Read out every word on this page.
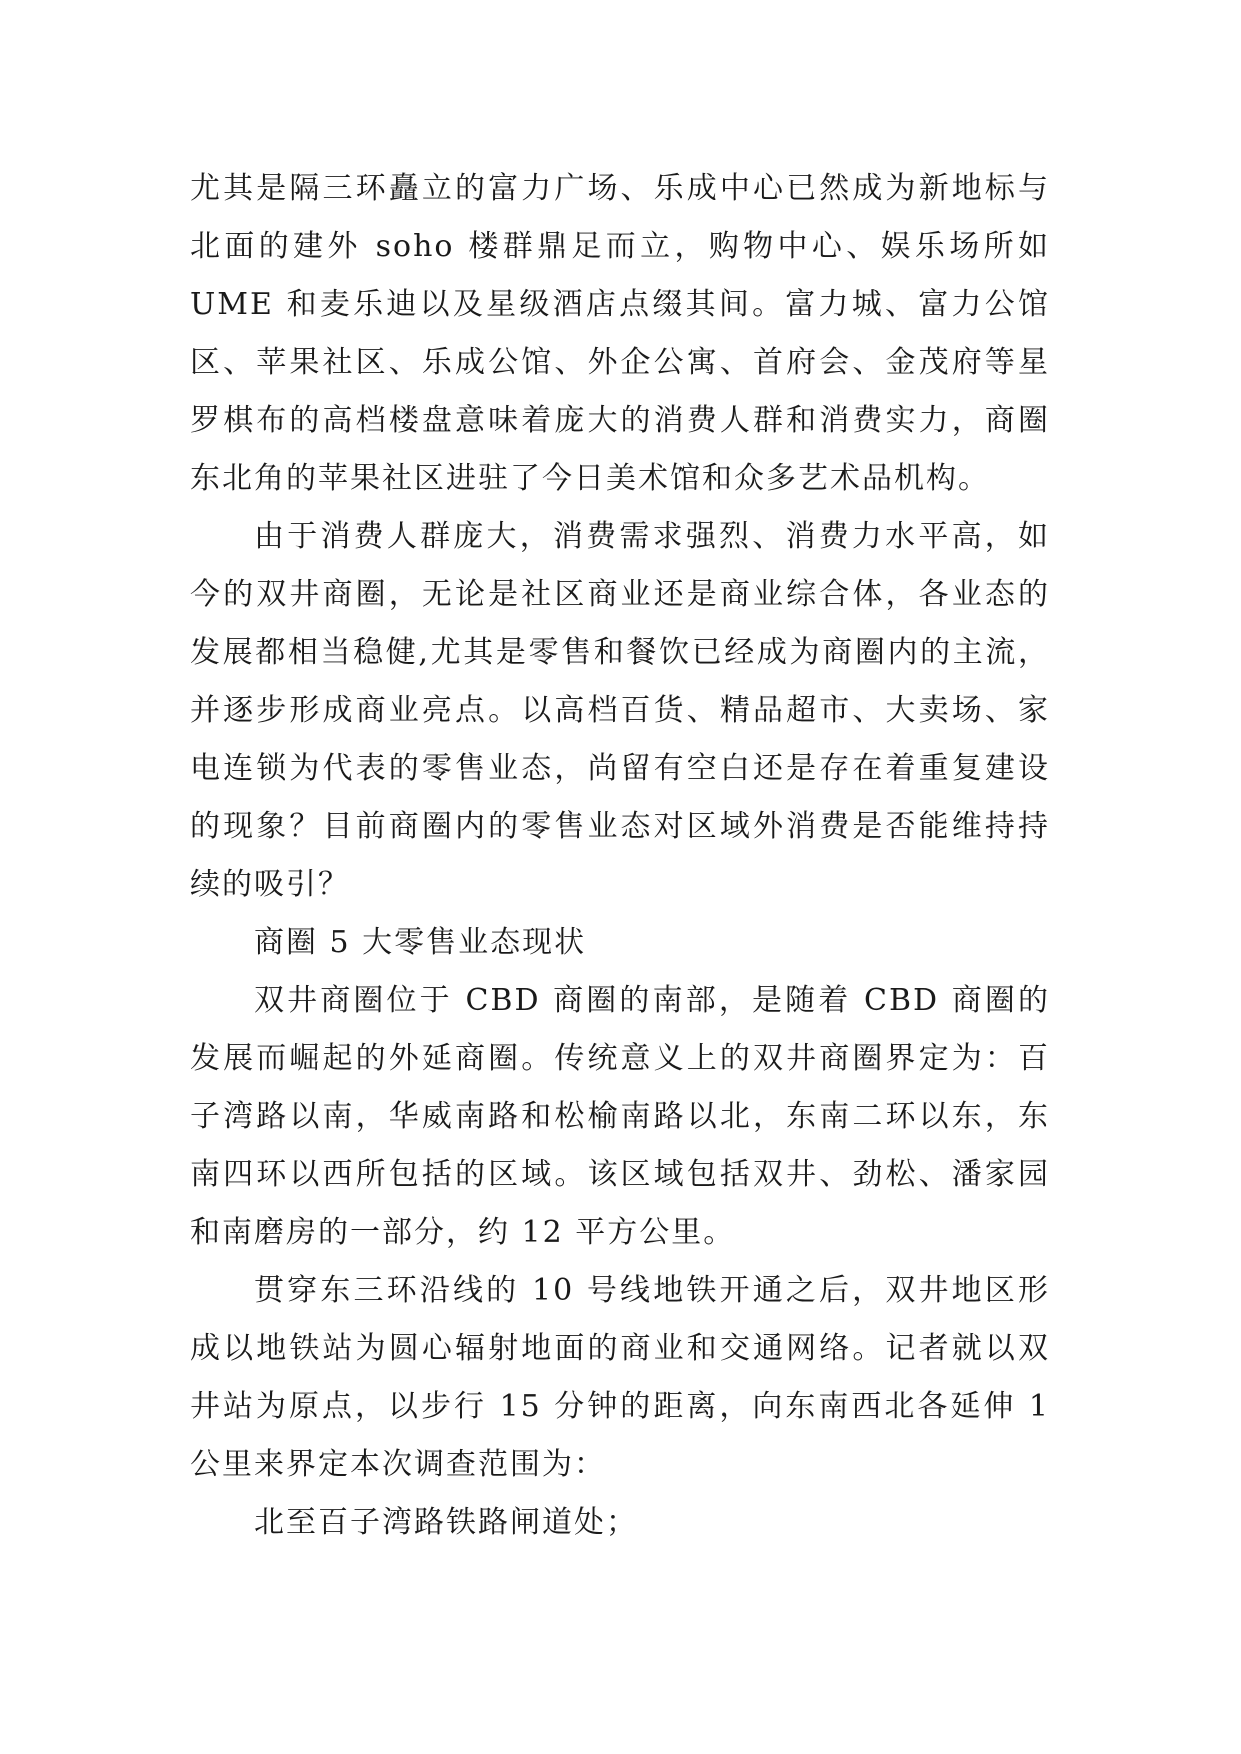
尤其是隔三环矗立的富力广场、乐成中心已然成为新地标与北面的建外 soho 楼群鼎足而立，购物中心、娱乐场所如 UME 和麦乐迪以及星级酒店点缀其间。富力城、富力公馆区、苹果社区、乐成公馆、外企公寓、首府会、金茂府等星罗棋布的高档楼盘意味着庞大的消费人群和消费实力，商圈东北角的苹果社区进驻了今日美术馆和众多艺术品机构。

由于消费人群庞大，消费需求强烈、消费力水平高，如今的双井商圈，无论是社区商业还是商业综合体，各业态的发展都相当稳健,尤其是零售和餐饮已经成为商圈内的主流，并逐步形成商业亮点。以高档百货、精品超市、大卖场、家电连锁为代表的零售业态，尚留有空白还是存在着重复建设的现象？目前商圈内的零售业态对区域外消费是否能维持持续的吸引？

商圈 5 大零售业态现状

双井商圈位于 CBD 商圈的南部，是随着 CBD 商圈的发展而崛起的外延商圈。传统意义上的双井商圈界定为：百子湾路以南，华威南路和松榆南路以北，东南二环以东，东南四环以西所包括的区域。该区域包括双井、劲松、潘家园和南磨房的一部分，约 12 平方公里。

贯穿东三环沿线的 10 号线地铁开通之后，双井地区形成以地铁站为圆心辐射地面的商业和交通网络。记者就以双井站为原点，以步行 15 分钟的距离，向东南西北各延伸 1 公里来界定本次调查范围为：

北至百子湾路铁路闸道处；
